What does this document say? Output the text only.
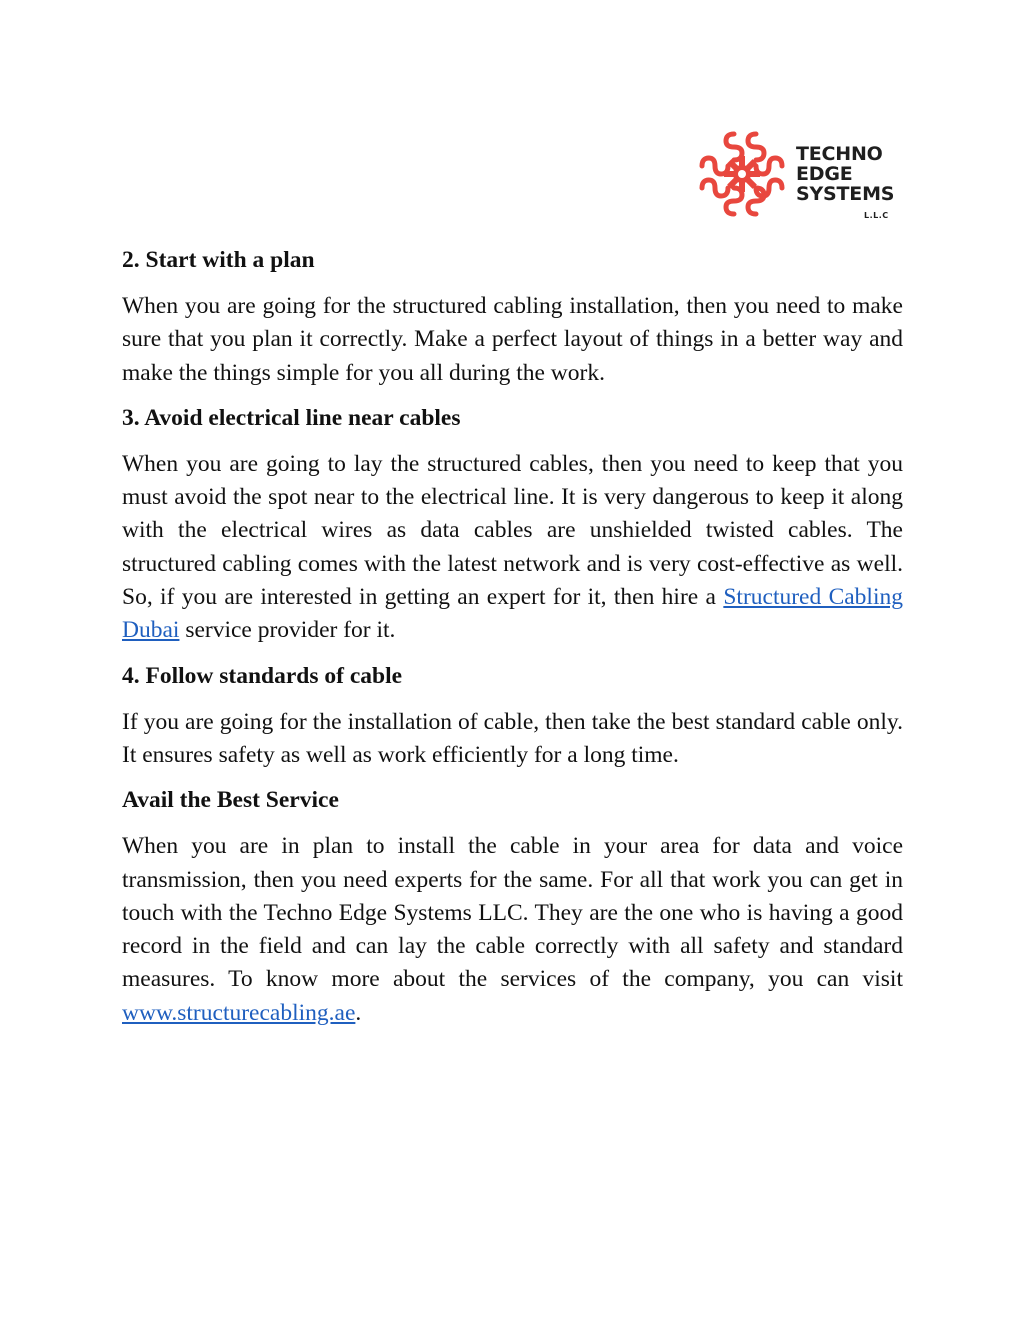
TECHNO
EDGE
SYSTEMS
L.L.C
2. Start with a plan

When you are going for the structured cabling installation, then you need to make sure that you plan it correctly. Make a perfect layout of things in a better way and make the things simple for you all during the work.

3. Avoid electrical line near cables

When you are going to lay the structured cables, then you need to keep that you must avoid the spot near to the electrical line. It is very dangerous to keep it along with the electrical wires as data cables are unshielded twisted cables. The structured cabling comes with the latest network and is very cost-effective as well. So, if you are interested in getting an expert for it, then hire a Structured Cabling Dubai service provider for it.

4. Follow standards of cable

If you are going for the installation of cable, then take the best standard cable only. It ensures safety as well as work efficiently for a long time.

Avail the Best Service

When you are in plan to install the cable in your area for data and voice transmission, then you need experts for the same. For all that work you can get in touch with the Techno Edge Systems LLC. They are the one who is having a good record in the field and can lay the cable correctly with all safety and standard measures. To know more about the services of the company, you can visit www.structurecabling.ae.
